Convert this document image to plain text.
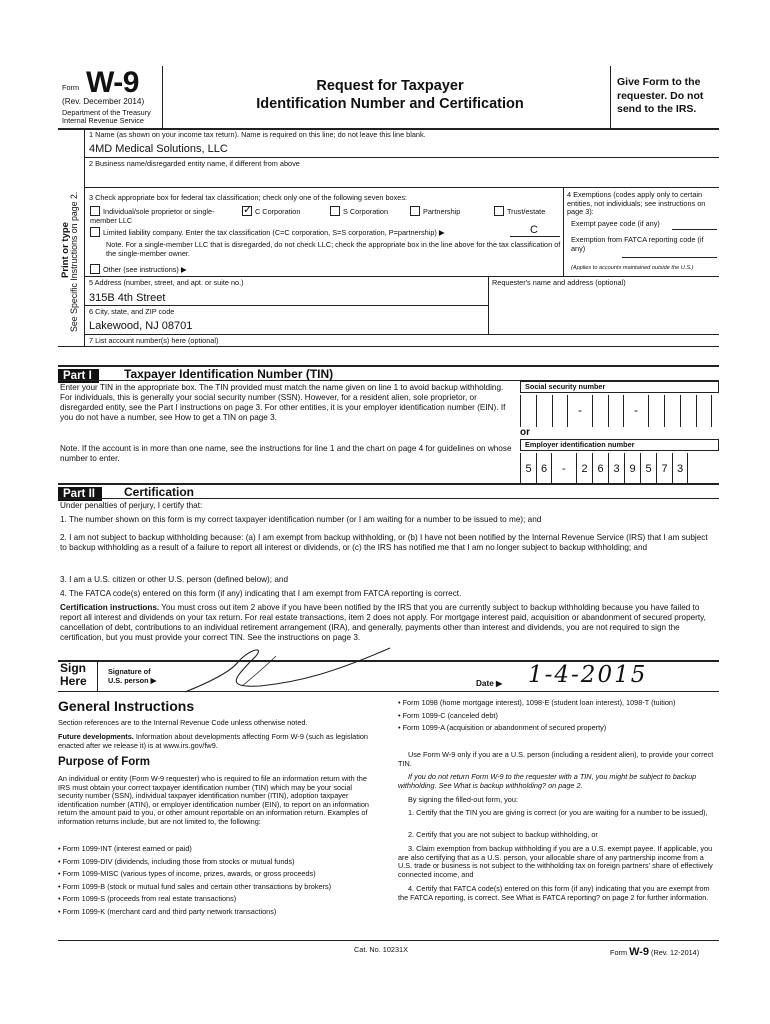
Form W-9
(Rev. December 2014)
Department of the Treasury
Internal Revenue Service
Request for Taxpayer
Identification Number and Certification
Give Form to the requester. Do not send to the IRS.
Print or type
See Specific Instructions on page 2.
1 Name (as shown on your income tax return). Name is required on this line; do not leave this line blank.
4MD Medical Solutions, LLC
2 Business name/disregarded entity name, if different from above
3 Check appropriate box for federal tax classification; check only one of the following seven boxes:
Individual/sole proprietor or single-member LLC
✓C Corporation	S Corporation	Partnership	Trust/estate
Limited liability company. Enter the tax classification (C=C corporation, S=S corporation, P=partnership) ▶	C
Note. For a single-member LLC that is disregarded, do not check LLC; check the appropriate box in the line above for the tax classification of the single-member owner.
Other (see instructions) ▶
4 Exemptions (codes apply only to certain entities, not individuals; see instructions on page 3):
Exempt payee code (if any)
Exemption from FATCA reporting code (if any)
(Applies to accounts maintained outside the U.S.)
5 Address (number, street, and apt. or suite no.)
315B 4th Street
Requester's name and address (optional)
6 City, state, and ZIP code
Lakewood, NJ 08701
7 List account number(s) here (optional)
Part I	Taxpayer Identification Number (TIN)
Enter your TIN in the appropriate box. The TIN provided must match the name given on line 1 to avoid backup withholding. For individuals, this is generally your social security number (SSN). However, for a resident alien, sole proprietor, or disregarded entity, see the Part I instructions on page 3. For other entities, it is your employer identification number (EIN). If you do not have a number, see How to get a TIN on page 3.
Note. If the account is in more than one name, see the instructions for line 1 and the chart on page 4 for guidelines on whose number to enter.
Social security number
-	-
or
Employer identification number
5 6	-	2 6 3 9 5 7 3
Part II	Certification
Under penalties of perjury, I certify that:
1. The number shown on this form is my correct taxpayer identification number (or I am waiting for a number to be issued to me); and
2. I am not subject to backup withholding because: (a) I am exempt from backup withholding, or (b) I have not been notified by the Internal Revenue Service (IRS) that I am subject to backup withholding as a result of a failure to report all interest or dividends, or (c) the IRS has notified me that I am no longer subject to backup withholding; and
3. I am a U.S. citizen or other U.S. person (defined below); and
4. The FATCA code(s) entered on this form (if any) indicating that I am exempt from FATCA reporting is correct.
Certification instructions. You must cross out item 2 above if you have been notified by the IRS that you are currently subject to backup withholding because you have failed to report all interest and dividends on your tax return. For real estate transactions, item 2 does not apply. For mortgage interest paid, acquisition or abandonment of secured property, cancellation of debt, contributions to an individual retirement arrangement (IRA), and generally, payments other than interest and dividends, you are not required to sign the certification, but you must provide your correct TIN. See the instructions on page 3.
Sign
Here
Signature of
U.S. person ▶	Date ▶ 1-4-2015
General Instructions
Section references are to the Internal Revenue Code unless otherwise noted.
Future developments. Information about developments affecting Form W-9 (such as legislation enacted after we release it) is at www.irs.gov/fw9.
Purpose of Form
An individual or entity (Form W-9 requester) who is required to file an information return with the IRS must obtain your correct taxpayer identification number (TIN) which may be your social security number (SSN), individual taxpayer identification number (ITIN), adoption taxpayer identification number (ATIN), or employer identification number (EIN), to report on an information return the amount paid to you, or other amount reportable on an information return. Examples of information returns include, but are not limited to, the following:
• Form 1099-INT (interest earned or paid)
• Form 1099-DIV (dividends, including those from stocks or mutual funds)
• Form 1099-MISC (various types of income, prizes, awards, or gross proceeds)
• Form 1099-B (stock or mutual fund sales and certain other transactions by brokers)
• Form 1099-S (proceeds from real estate transactions)
• Form 1099-K (merchant card and third party network transactions)
• Form 1098 (home mortgage interest), 1098-E (student loan interest), 1098-T (tuition)
• Form 1099-C (canceled debt)
• Form 1099-A (acquisition or abandonment of secured property)
Use Form W-9 only if you are a U.S. person (including a resident alien), to provide your correct TIN.
If you do not return Form W-9 to the requester with a TIN, you might be subject to backup withholding. See What is backup withholding? on page 2.
By signing the filled-out form, you:
1. Certify that the TIN you are giving is correct (or you are waiting for a number to be issued),
2. Certify that you are not subject to backup withholding, or
3. Claim exemption from backup withholding if you are a U.S. exempt payee. If applicable, you are also certifying that as a U.S. person, your allocable share of any partnership income from a U.S. trade or business is not subject to the withholding tax on foreign partners' share of effectively connected income, and
4. Certify that FATCA code(s) entered on this form (if any) indicating that you are exempt from the FATCA reporting, is correct. See What is FATCA reporting? on page 2 for further information.
Cat. No. 10231X	Form W-9 (Rev. 12-2014)
